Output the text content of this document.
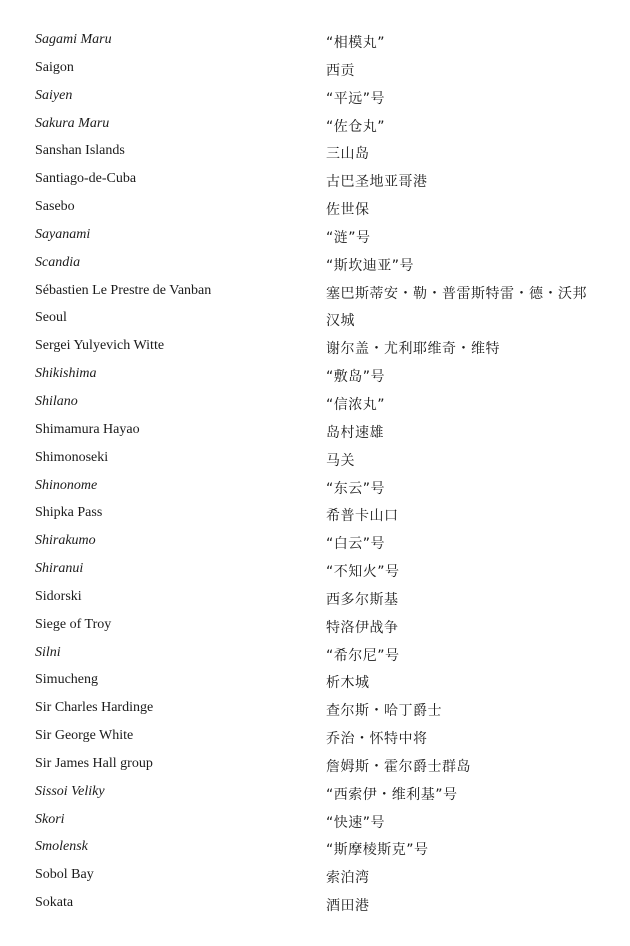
Sagami Maru	“相模丸”
Saigon	西贡
Saiyen	“平远”号
Sakura Maru	“佐仓丸”
Sanshan Islands	三山岛
Santiago-de-Cuba	古巴圣地亚哥港
Sasebo	佐世保
Sayanami	“涟”号
Scandia	“斯坎迪亚”号
Sébastien Le Prestre de Vanban	塞巴斯蒂安・勒・普雷斯特雷・德・沃邦
Seoul	汉城
Sergei Yulyevich Witte	谢尔盖・尤利耶维奇・维特
Shikishima	“敷岛”号
Shilano	“信浓丸”
Shimamura Hayao	岛村速雄
Shimonoseki	马关
Shinonome	“东云”号
Shipka Pass	希普卡山口
Shirakumo	“白云”号
Shiranui	“不知火”号
Sidorski	西多尔斯基
Siege of Troy	特洛伊战争
Silni	“希尔尼”号
Simucheng	析木城
Sir Charles Hardinge	查尔斯・哈丁爵士
Sir George White	乔治・怀特中将
Sir James Hall group	詹姆斯・霍尔爵士群岛
Sissoi Veliky	“西索伊・维利基”号
Skori	“快速”号
Smolensk	“斯摩棱斯克”号
Sobol Bay	索泊湾
Sokata	酒田港
